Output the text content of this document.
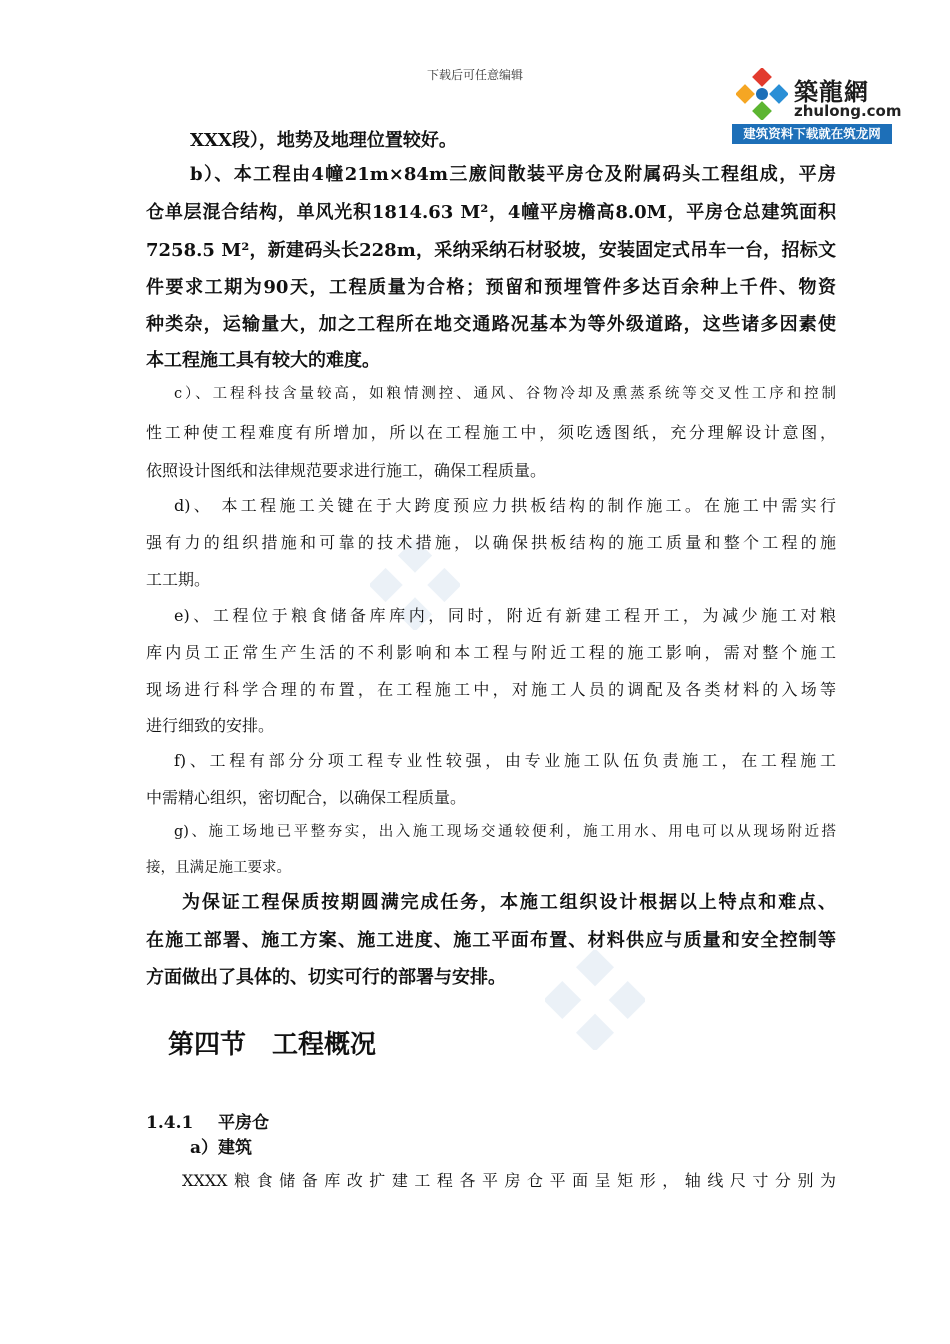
下载后可任意编辑
築龍網
zhulong.com
建筑资料下载就在筑龙网
XXX段），地势及地理位置较好。
b）、本工程由4幢21m×84m三廒间散装平房仓及附属码头工程组成，平房
仓单层混合结构，单风光积1814.63 M²，4幢平房檐高8.0M，平房仓总建筑面积
7258.5 M²，新建码头长228m，采纳采纳石材驳坡，安装固定式吊车一台，招标文
件要求工期为90天，工程质量为合格；预留和预埋管件多达百余种上千件、物资
种类杂，运输量大，加之工程所在地交通路况基本为等外级道路，这些诸多因素使
本工程施工具有较大的难度。
c）、工程科技含量较高，如粮情测控、通风、谷物冷却及熏蒸系统等交叉性工序和控制
性工种使工程难度有所增加，所以在工程施工中，须吃透图纸，充分理解设计意图，
依照设计图纸和法律规范要求进行施工，确保工程质量。
d)、 本工程施工关键在于大跨度预应力拱板结构的制作施工。在施工中需实行
强有力的组织措施和可靠的技术措施，以确保拱板结构的施工质量和整个工程的施
工工期。
e)、工程位于粮食储备库库内，同时，附近有新建工程开工，为减少施工对粮
库内员工正常生产生活的不利影响和本工程与附近工程的施工影响，需对整个施工
现场进行科学合理的布置，在工程施工中，对施工人员的调配及各类材料的入场等
进行细致的安排。
f)、工程有部分分项工程专业性较强，由专业施工队伍负责施工，在工程施工
中需精心组织，密切配合，以确保工程质量。
g)、施工场地已平整夯实，出入施工现场交通较便利，施工用水、用电可以从现场附近搭
接，且满足施工要求。
为保证工程保质按期圆满完成任务，本施工组织设计根据以上特点和难点、
在施工部署、施工方案、施工进度、施工平面布置、材料供应与质量和安全控制等
方面做出了具体的、切实可行的部署与安排。
第四节　工程概况
1.4.1 平房仓
a）建筑
XXXX粮食储备库改扩建工程各平房仓平面呈矩形，轴线尺寸分别为
